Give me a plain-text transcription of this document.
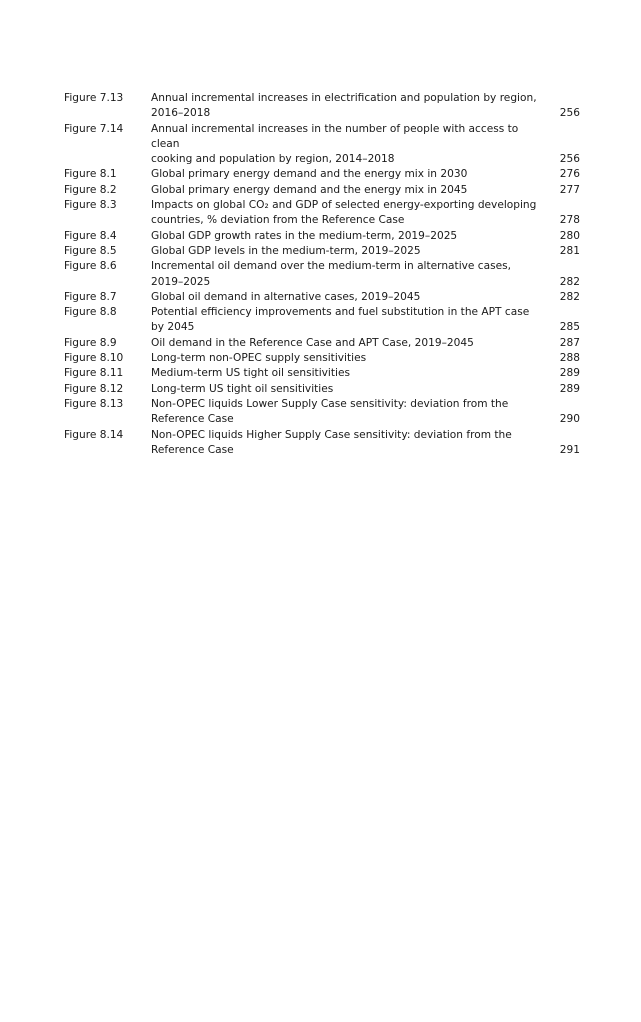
Figure 7.13	Annual incremental increases in electrification and population by region,
2016–2018	256
Figure 7.14	Annual incremental increases in the number of people with access to clean
cooking and population by region, 2014–2018	256
Figure 8.1	Global primary energy demand and the energy mix in 2030	276
Figure 8.2	Global primary energy demand and the energy mix in 2045	277
Figure 8.3	Impacts on global CO₂ and GDP of selected energy-exporting developing
countries, % deviation from the Reference Case	278
Figure 8.4	Global GDP growth rates in the medium-term, 2019–2025	280
Figure 8.5	Global GDP levels in the medium-term, 2019–2025	281
Figure 8.6	Incremental oil demand over the medium-term in alternative cases,
2019–2025	282
Figure 8.7	Global oil demand in alternative cases, 2019–2045	282
Figure 8.8	Potential efficiency improvements and fuel substitution in the APT case
by 2045	285
Figure 8.9	Oil demand in the Reference Case and APT Case, 2019–2045	287
Figure 8.10	Long-term non-OPEC supply sensitivities	288
Figure 8.11	Medium-term US tight oil sensitivities	289
Figure 8.12	Long-term US tight oil sensitivities	289
Figure 8.13	Non-OPEC liquids Lower Supply Case sensitivity: deviation from the
Reference Case	290
Figure 8.14	Non-OPEC liquids Higher Supply Case sensitivity: deviation from the
Reference Case	291
